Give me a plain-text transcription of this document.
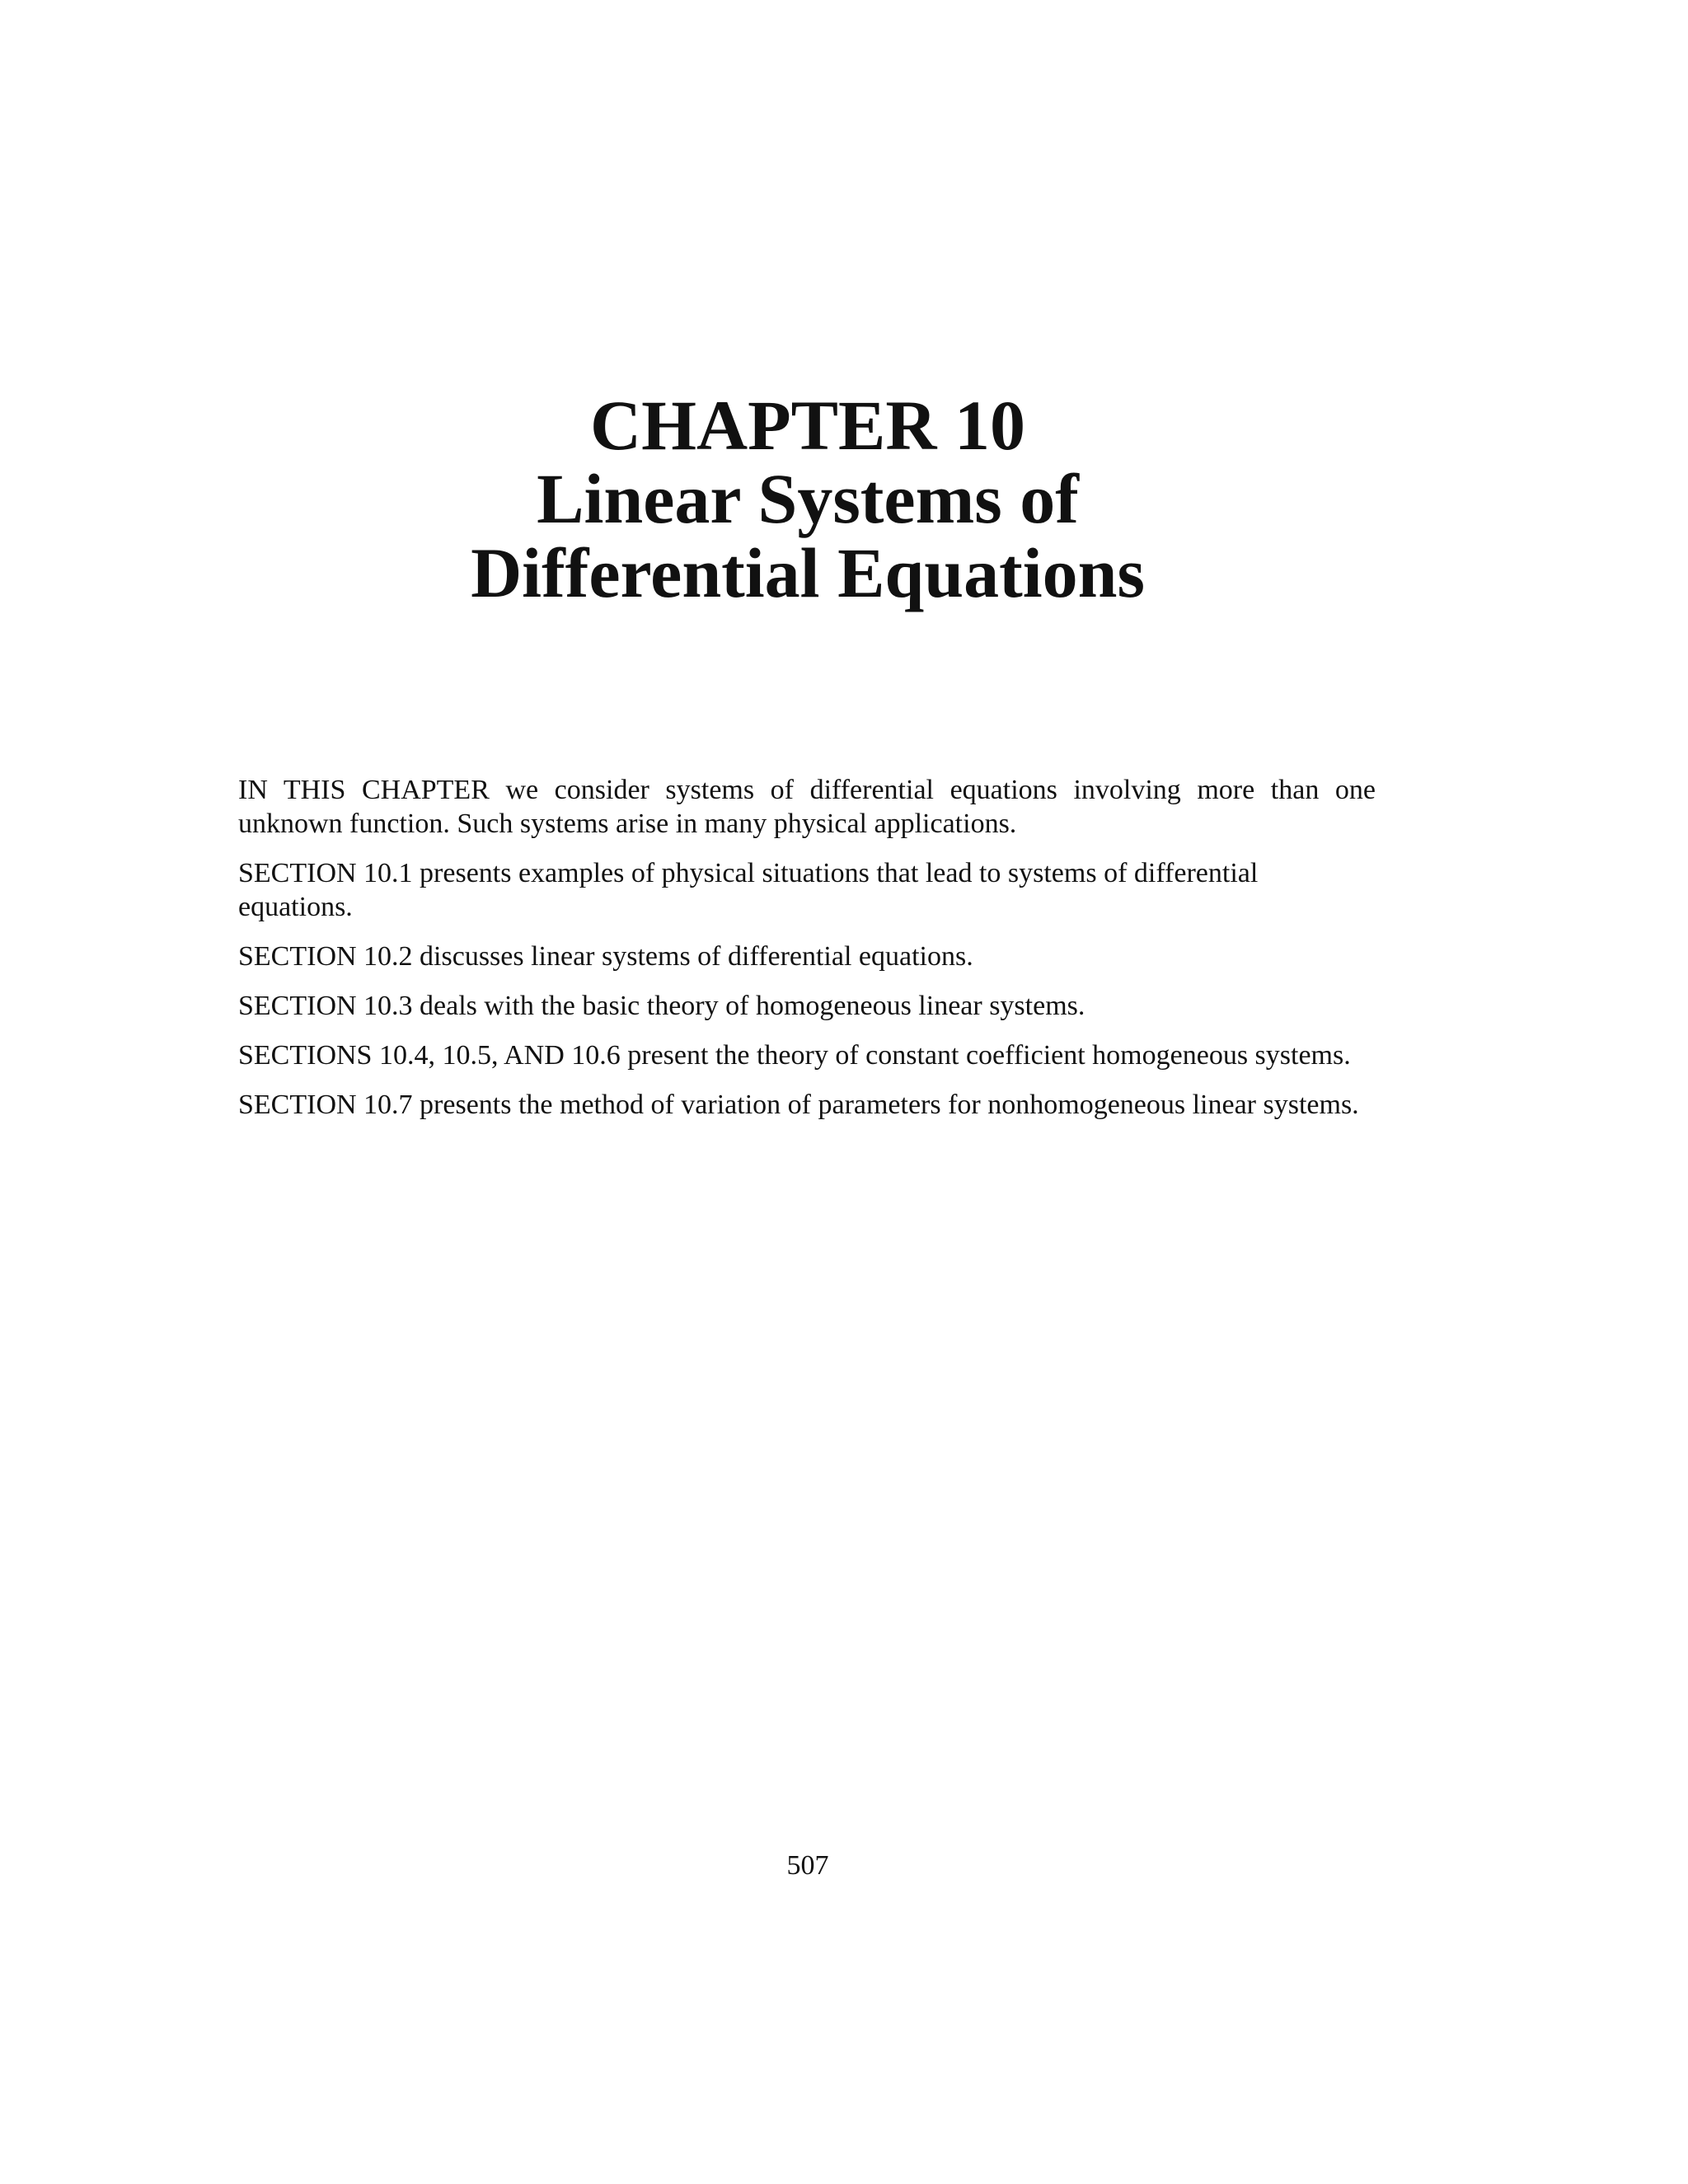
CHAPTER 10
Linear Systems of Differential Equations

IN THIS CHAPTER we consider systems of differential equations involving more than one unknown function. Such systems arise in many physical applications.

SECTION 10.1 presents examples of physical situations that lead to systems of differential equations.

SECTION 10.2 discusses linear systems of differential equations.

SECTION 10.3 deals with the basic theory of homogeneous linear systems.

SECTIONS 10.4, 10.5, AND 10.6 present the theory of constant coefficient homogeneous systems.

SECTION 10.7 presents the method of variation of parameters for nonhomogeneous linear systems.

507
